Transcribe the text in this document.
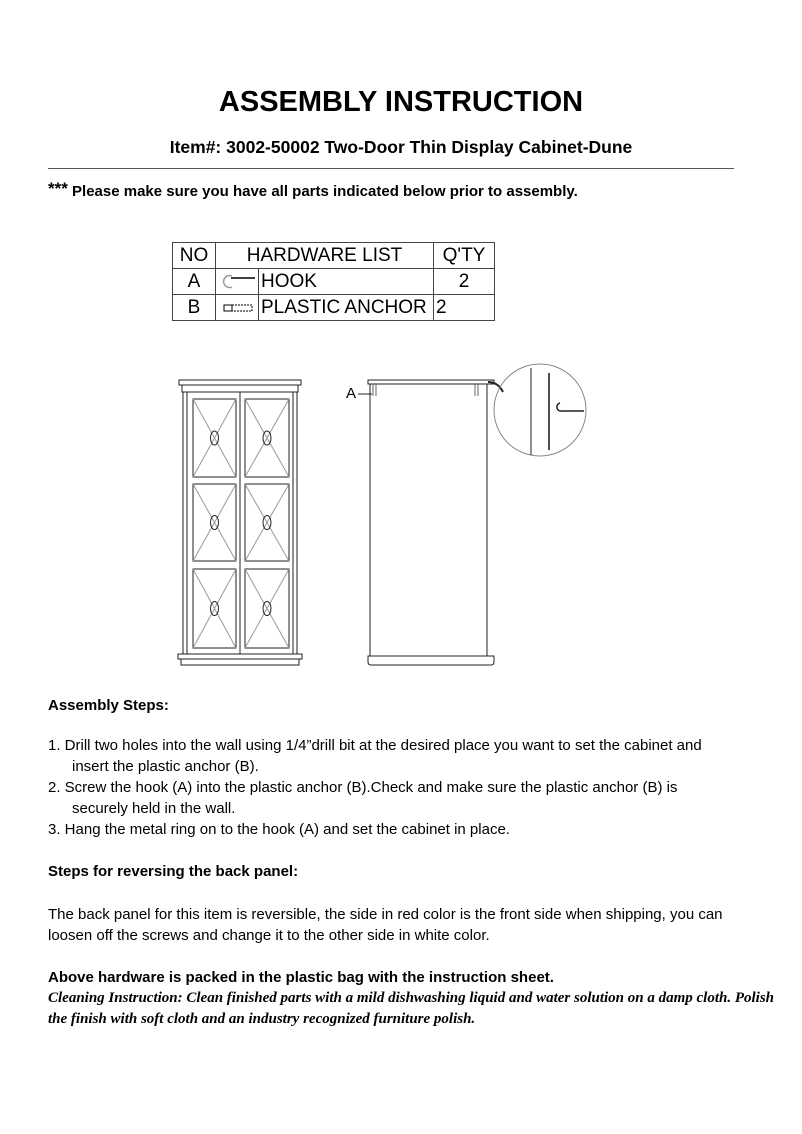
ASSEMBLY INSTRUCTION
Item#: 3002-50002 Two-Door Thin Display Cabinet-Dune
*** Please make sure you have all parts indicated below prior to assembly.
NO	HARDWARE LIST		Q'TY
A		HOOK	2
B		PLASTIC ANCHOR	2
A
Assembly Steps:
1. Drill two holes into the wall using 1/4”drill bit at the desired place you want to set the cabinet and
insert the plastic anchor (B).
2. Screw the hook (A) into the plastic anchor (B).Check and make sure the plastic anchor (B) is
securely held in the wall.
3. Hang the metal ring on to the hook (A) and set the cabinet in place.
Steps for reversing the back panel:
The back panel for this item is reversible, the side in red color is the front side when shipping, you can
loosen off the screws and change it to the other side in white color.
Above hardware is packed in the plastic bag with the instruction sheet.
Cleaning Instruction: Clean finished parts with a mild dishwashing liquid and water solution on a damp cloth. Polish the finish with soft cloth and an industry recognized furniture polish.
